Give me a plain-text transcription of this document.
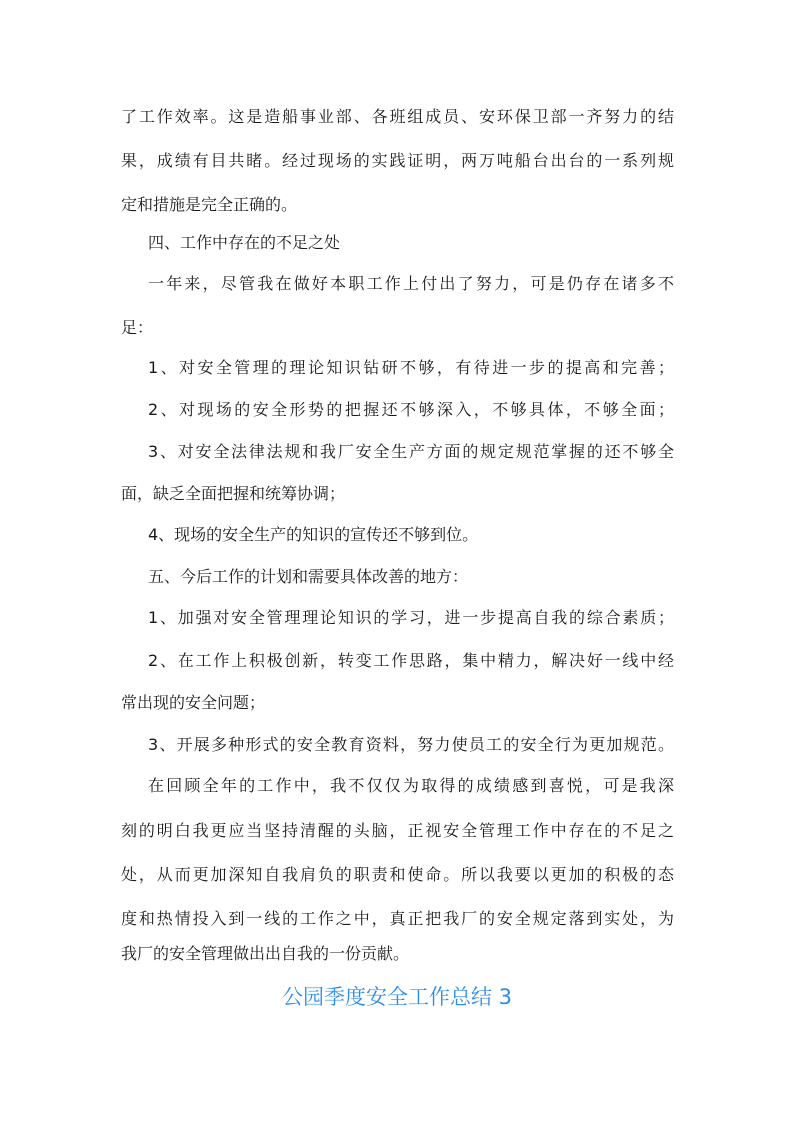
了工作效率。这是造船事业部、各班组成员、安环保卫部一齐努力的结

果，成绩有目共睹。经过现场的实践证明，两万吨船台出台的一系列规

定和措施是完全正确的。

四、工作中存在的不足之处

一年来，尽管我在做好本职工作上付出了努力，可是仍存在诸多不

足：

1、对安全管理的理论知识钻研不够，有待进一步的提高和完善；

2、对现场的安全形势的把握还不够深入，不够具体，不够全面；

3、对安全法律法规和我厂安全生产方面的规定规范掌握的还不够全

面，缺乏全面把握和统筹协调；

4、现场的安全生产的知识的宣传还不够到位。

五、今后工作的计划和需要具体改善的地方：

1、加强对安全管理理论知识的学习，进一步提高自我的综合素质；

2、在工作上积极创新，转变工作思路，集中精力，解决好一线中经

常出现的安全问题；

3、开展多种形式的安全教育资料，努力使员工的安全行为更加规范。

在回顾全年的工作中，我不仅仅为取得的成绩感到喜悦，可是我深

刻的明白我更应当坚持清醒的头脑，正视安全管理工作中存在的不足之

处，从而更加深知自我肩负的职责和使命。所以我要以更加的积极的态

度和热情投入到一线的工作之中，真正把我厂的安全规定落到实处，为

我厂的安全管理做出出自我的一份贡献。

公园季度安全工作总结 3
